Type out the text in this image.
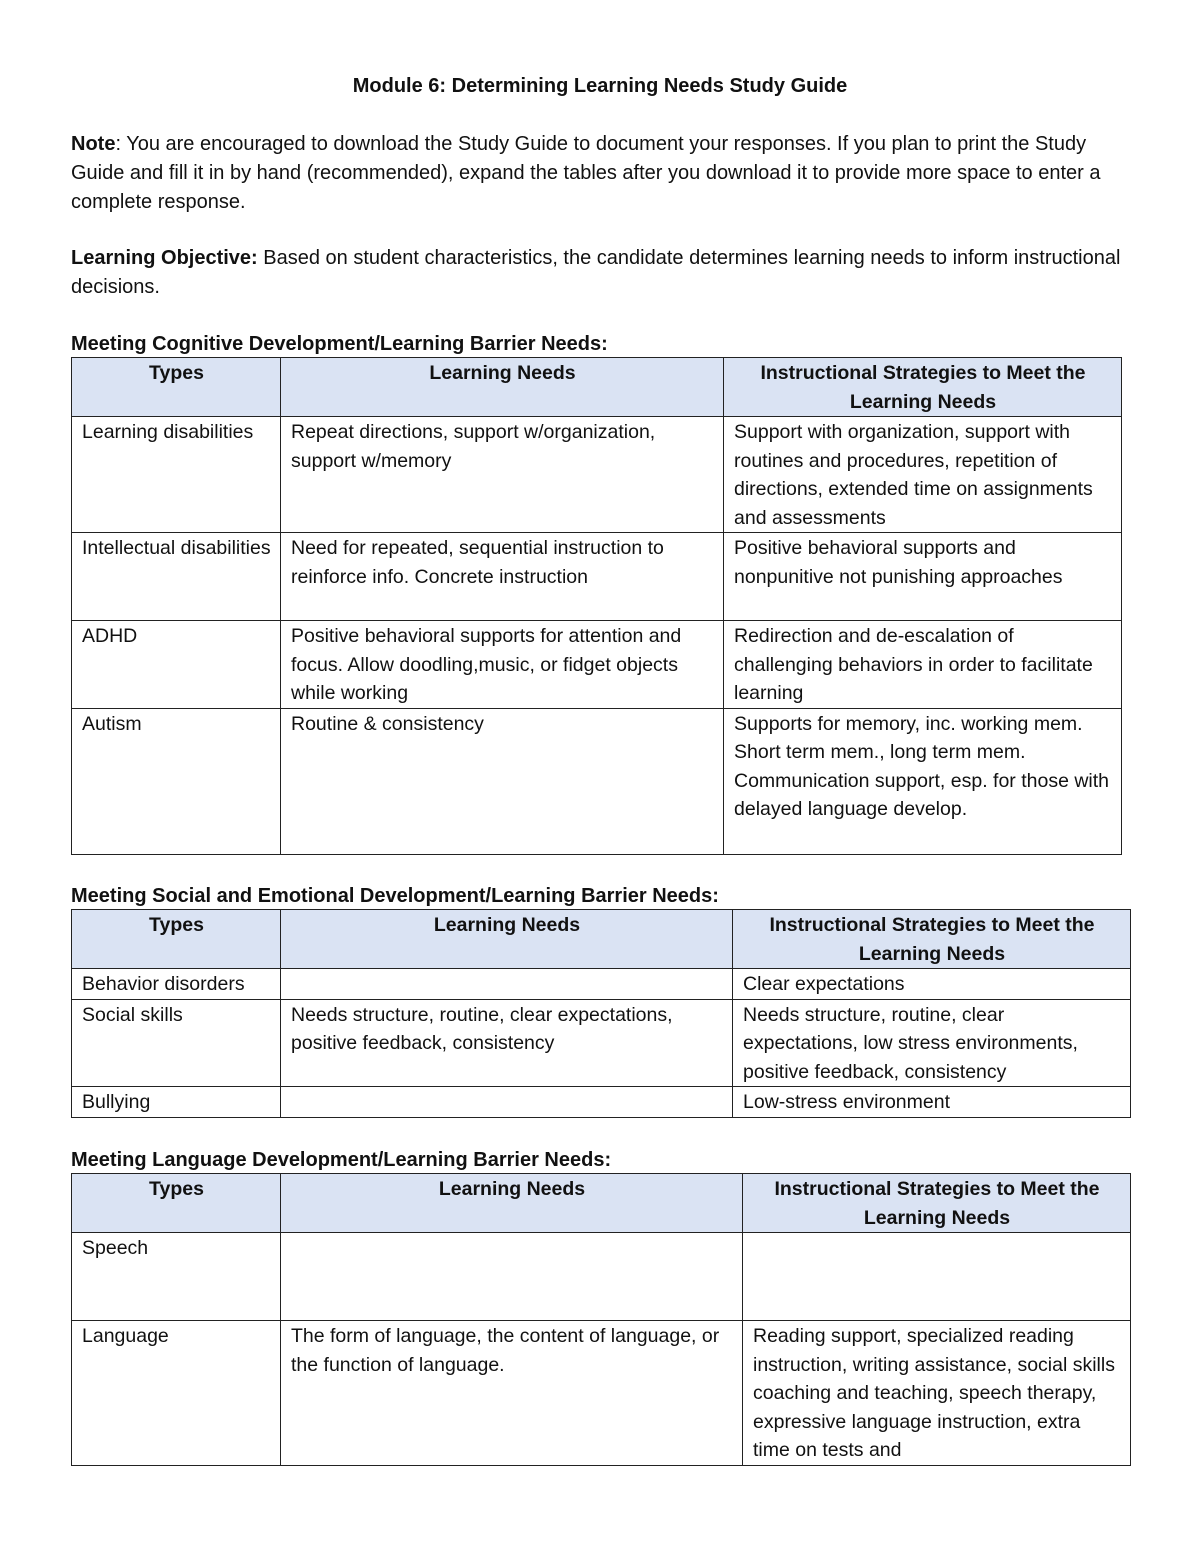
Module 6: Determining Learning Needs Study Guide
Note: You are encouraged to download the Study Guide to document your responses. If you plan to print the Study Guide and fill it in by hand (recommended), expand the tables after you download it to provide more space to enter a complete response.
Learning Objective: Based on student characteristics, the candidate determines learning needs to inform instructional decisions.
Meeting Cognitive Development/Learning Barrier Needs:
Types	Learning Needs	Instructional Strategies to Meet the Learning Needs
Learning disabilities	Repeat directions, support w/organization, support w/memory	Support with organization, support with routines and procedures, repetition of directions, extended time on assignments and assessments

Intellectual disabilities	Need for repeated, sequential instruction to reinforce info. Concrete instruction	Positive behavioral supports and nonpunitive not punishing approaches

ADHD	Positive behavioral supports for attention and focus. Allow doodling,music, or fidget objects while working	Redirection and de-escalation of challenging behaviors in order to facilitate learning

Autism	Routine & consistency	Supports for memory, inc. working mem. Short term mem., long term mem.
Communication support, esp. for those with delayed language develop.
Meeting Social and Emotional Development/Learning Barrier Needs:
Types	Learning Needs	Instructional Strategies to Meet the Learning Needs
Behavior disorders		Clear expectations

Social skills	Needs structure, routine, clear expectations, positive feedback, consistency	Needs structure, routine, clear expectations, low stress environments, positive feedback, consistency

Bullying		Low-stress environment
Meeting Language Development/Learning Barrier Needs:
Types	Learning Needs	Instructional Strategies to Meet the Learning Needs
Speech		

Language	The form of language, the content of language, or the function of language.	Reading support, specialized reading instruction, writing assistance, social skills coaching and teaching, speech therapy, expressive language instruction, extra time on tests and
